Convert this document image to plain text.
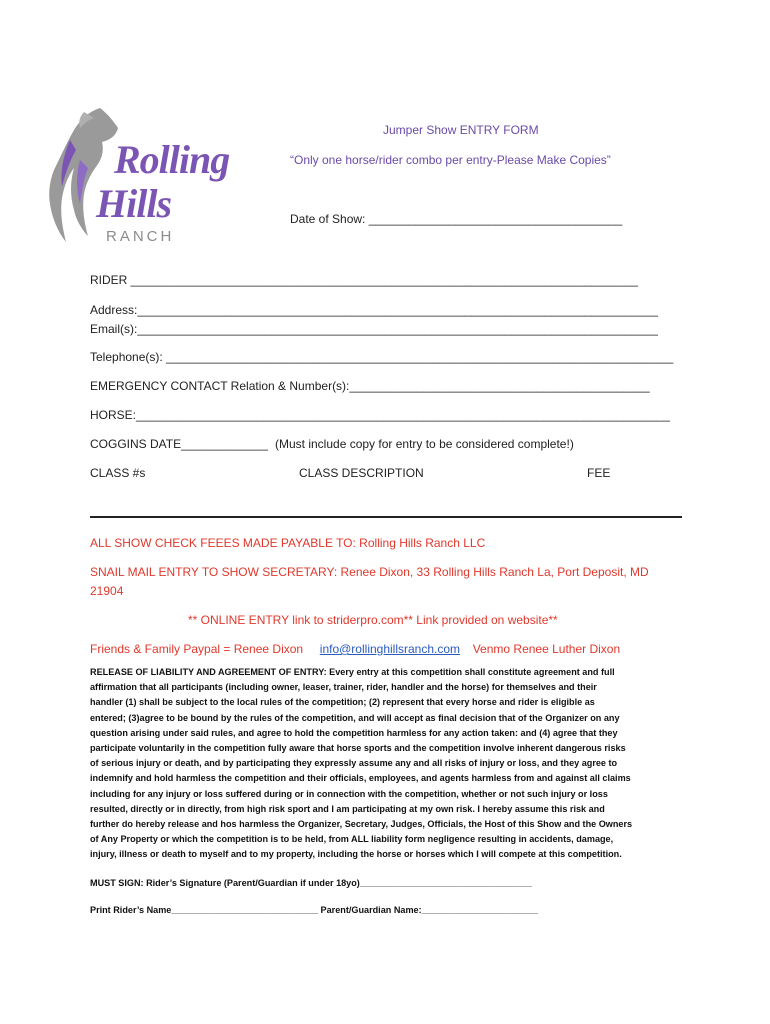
Rolling
Hills
RANCH
Jumper Show ENTRY FORM
“Only one horse/rider combo per entry-Please Make Copies”
Date of Show: ______________________________________
RIDER ____________________________________________________________________________
Address:______________________________________________________________________________
Email(s):______________________________________________________________________________
Telephone(s): ____________________________________________________________________________
EMERGENCY CONTACT Relation & Number(s):_____________________________________________
HORSE:________________________________________________________________________________
COGGINS DATE_____________ (Must include copy for entry to be considered complete!)
CLASS #s	CLASS DESCRIPTION	FEE
ALL SHOW CHECK FEEES MADE PAYABLE TO: Rolling Hills Ranch LLC
SNAIL MAIL ENTRY TO SHOW SECRETARY: Renee Dixon, 33 Rolling Hills Ranch La, Port Deposit, MD
21904
** ONLINE ENTRY link to striderpro.com** Link provided on website**
Friends & Family Paypal = Renee Dixon info@rollinghillsranch.com Venmo Renee Luther Dixon
RELEASE OF LIABILITY AND AGREEMENT OF ENTRY: Every entry at this competition shall constitute agreement and full
affirmation that all participants (including owner, leaser, trainer, rider, handler and the horse) for themselves and their
handler (1) shall be subject to the local rules of the competition; (2) represent that every horse and rider is eligible as
entered; (3)agree to be bound by the rules of the competition, and will accept as final decision that of the Organizer on any
question arising under said rules, and agree to hold the competition harmless for any action taken: and (4) agree that they
participate voluntarily in the competition fully aware that horse sports and the competition involve inherent dangerous risks
of serious injury or death, and by participating they expressly assume any and all risks of injury or loss, and they agree to
indemnify and hold harmless the competition and their officials, employees, and agents harmless from and against all claims
including for any injury or loss suffered during or in connection with the competition, whether or not such injury or loss
resulted, directly or in directly, from high risk sport and I am participating at my own risk. I hereby assume this risk and
further do hereby release and hos harmless the Organizer, Secretary, Judges, Officials, the Host of this Show and the Owners
of Any Property or which the competition is to be held, from ALL liability form negligence resulting in accidents, damage,
injury, illness or death to myself and to my property, including the horse or horses which I will compete at this competition.
MUST SIGN: Rider’s Signature (Parent/Guardian if under 18yo)__________________________________
Print Rider’s Name_____________________________ Parent/Guardian Name:_______________________
